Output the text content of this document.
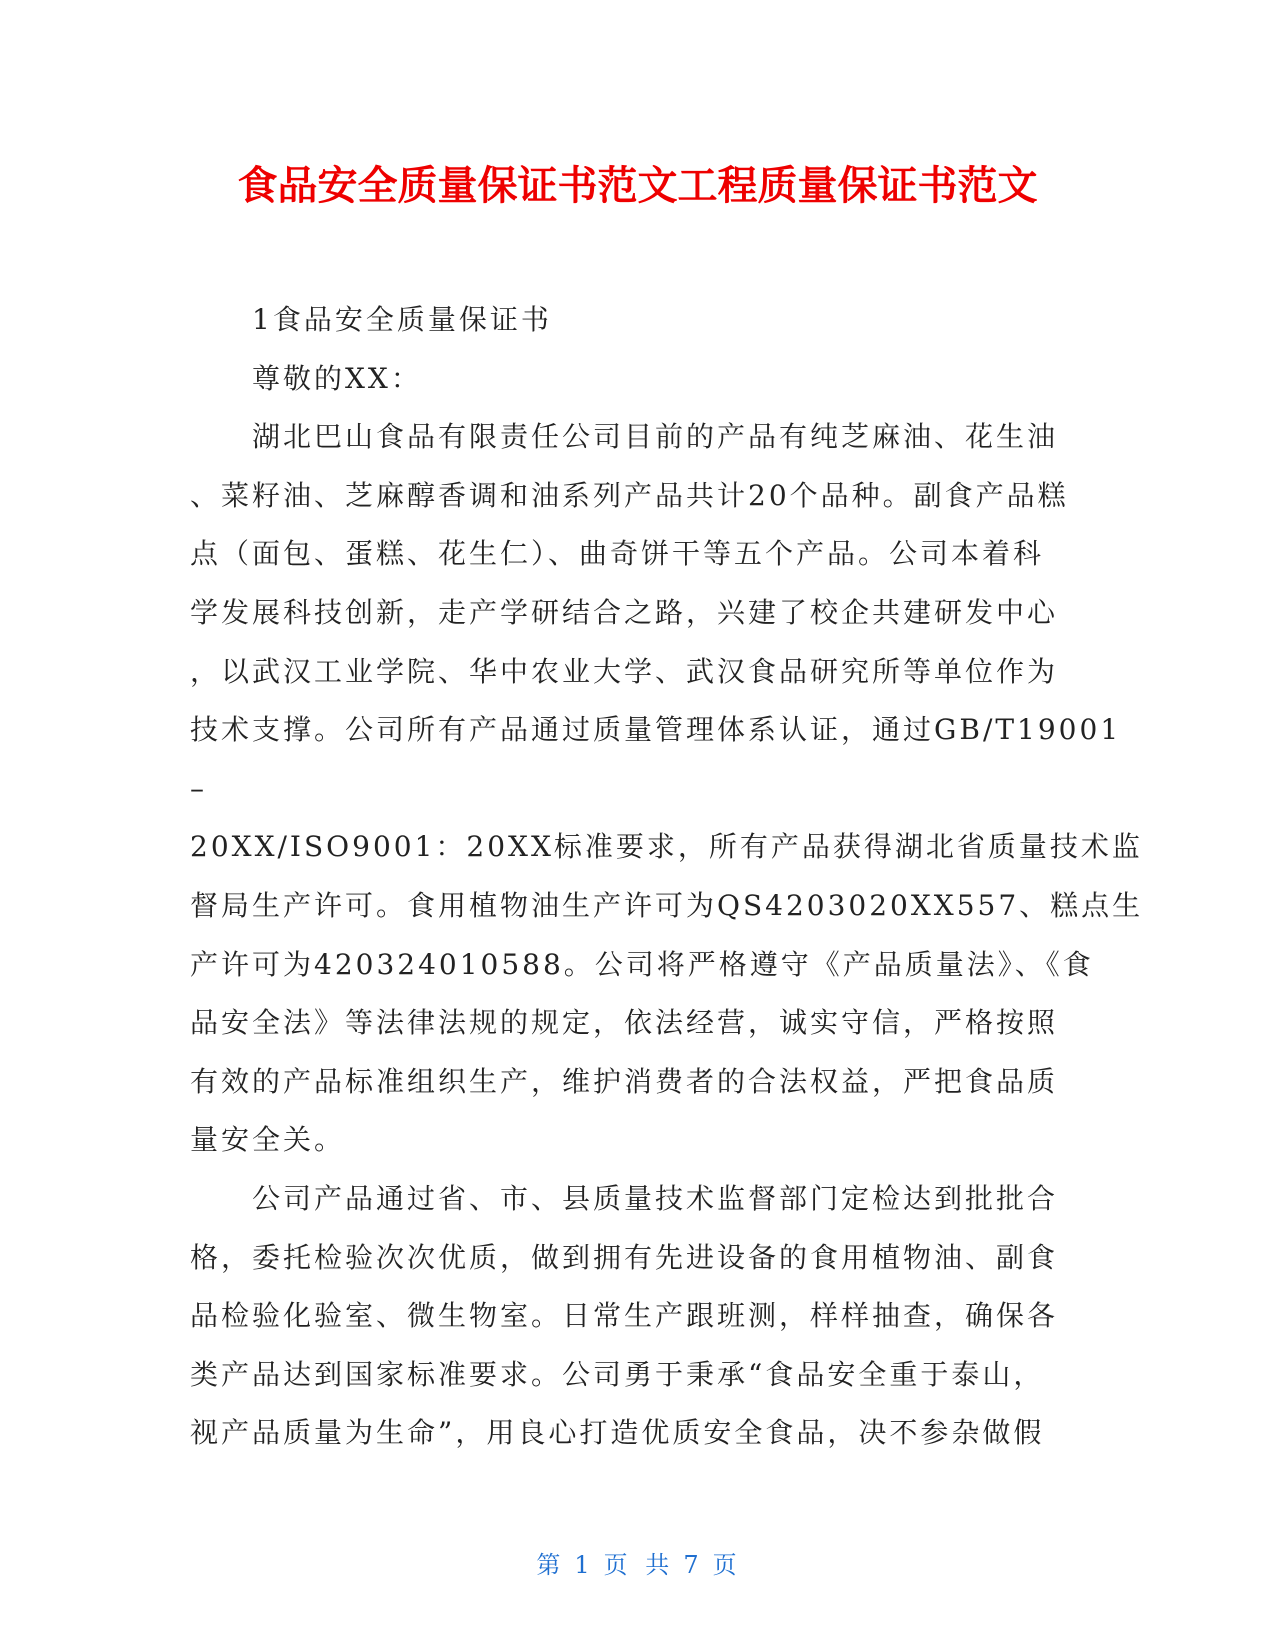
食品安全质量保证书范文工程质量保证书范文
1食品安全质量保证书
尊敬的XX：
湖北巴山食品有限责任公司目前的产品有纯芝麻油、花生油
、菜籽油、芝麻醇香调和油系列产品共计20个品种。副食产品糕
点（面包、蛋糕、花生仁）、曲奇饼干等五个产品。公司本着科
学发展科技创新，走产学研结合之路，兴建了校企共建研发中心
，以武汉工业学院、华中农业大学、武汉食品研究所等单位作为
技术支撑。公司所有产品通过质量管理体系认证，通过GB/T19001
–
20XX/ISO9001：20XX标准要求，所有产品获得湖北省质量技术监
督局生产许可。食用植物油生产许可为QS4203020XX557、糕点生
产许可为420324010588。公司将严格遵守《产品质量法》、《食
品安全法》等法律法规的规定，依法经营，诚实守信，严格按照
有效的产品标准组织生产，维护消费者的合法权益，严把食品质
量安全关。
公司产品通过省、市、县质量技术监督部门定检达到批批合
格，委托检验次次优质，做到拥有先进设备的食用植物油、副食
品检验化验室、微生物室。日常生产跟班测，样样抽查，确保各
类产品达到国家标准要求。公司勇于秉承“食品安全重于泰山，
视产品质量为生命”，用良心打造优质安全食品，决不参杂做假
第 1 页 共 7 页
